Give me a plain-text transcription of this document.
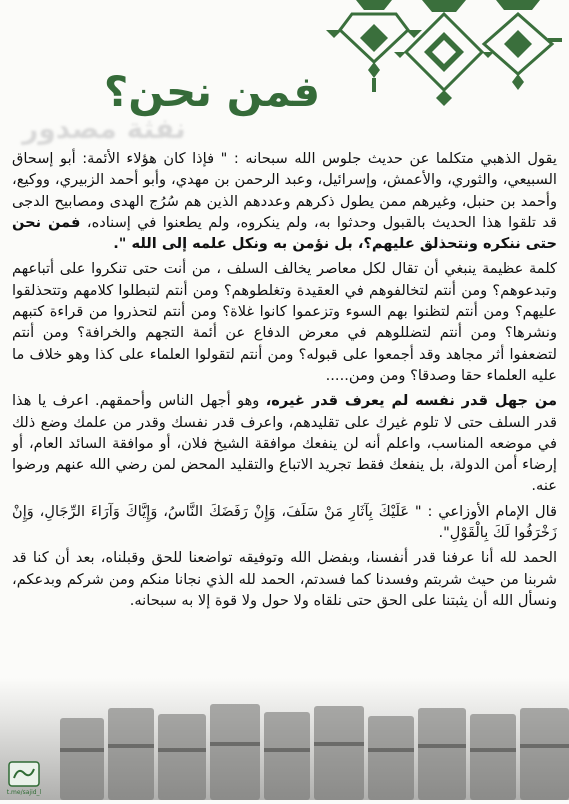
فمن نحن؟
نفثة مصدور

يقول الذهبي متكلما عن حديث جلوس الله سبحانه : " فإذا كان هؤلاء الأئمة: أبو إسحاق السبيعي، والثوري، والأعمش، وإسرائيل، وعبد الرحمن بن مهدي، وأبو أحمد الزبيري، ووكيع، وأحمد بن حنبل، وغيرهم ممن يطول ذكرهم وعددهم الذين هم سُرُج الهدى ومصابيح الدجى قد تلقوا هذا الحديث بالقبول وحدثوا به، ولم ينكروه، ولم يطعنوا في إسناده، فمن نحن حتى ننكره ونتحذلق عليهم؟، بل نؤمن به ونكل علمه إلى الله ".

كلمة عظيمة ينبغي أن تقال لكل معاصر يخالف السلف ، من أنت حتى تنكروا على أتباعهم وتبدعوهم؟ ومن أنتم لتخالفوهم في العقيدة وتغلطوهم؟ ومن أنتم لتبطلوا كلامهم وتتحذلقوا عليهم؟ ومن أنتم لتظنوا بهم السوء وتزعموا كانوا غلاة؟ ومن أنتم لتحذروا من قراءة كتبهم ونشرها؟ ومن أنتم لتضللوهم في معرض الدفاع عن أئمة التجهم والخرافة؟ ومن أنتم لتضعفوا أثر مجاهد وقد أجمعوا على قبوله؟ ومن أنتم لتقولوا العلماء على كذا وهو خلاف ما عليه العلماء حقا وصدقا؟ ومن ومن.....

من جهل قدر نفسه لم يعرف قدر غيره، وهو أجهل الناس وأحمقهم. اعرف يا هذا قدر السلف حتى لا تلوم غيرك على تقليدهم، واعرف قدر نفسك وقدر من علمك وضع ذلك في موضعه المناسب، واعلم أنه لن ينفعك موافقة الشيخ فلان، أو موافقة السائد العام، أو إرضاء أمن الدولة، بل ينفعك فقط تجريد الاتباع والتقليد المحض لمن رضي الله عنهم ورضوا عنه.

قال الإمام الأوزاعي : " عَلَيْكَ بِآثَارِ مَنْ سَلَفَ، وَإِنْ رَفَضَكَ النَّاسُ، وَإِيَّاكَ وَآرَاءَ الرِّجَالِ، وَإِنْ زَخْرَفُوا لَكَ بِالْقَوْلِ".

الحمد لله أنا عرفنا قدر أنفسنا، وبفضل الله وتوفيقه تواضعنا للحق وقبلناه، بعد أن كنا قد شربنا من حيث شربتم وفسدنا كما فسدتم، الحمد لله الذي نجانا منكم ومن شركم وبدعكم، ونسأل الله أن يثبتنا على الحق حتى نلقاه ولا حول ولا قوة إلا به سبحانه.

t.me/sajid_l
